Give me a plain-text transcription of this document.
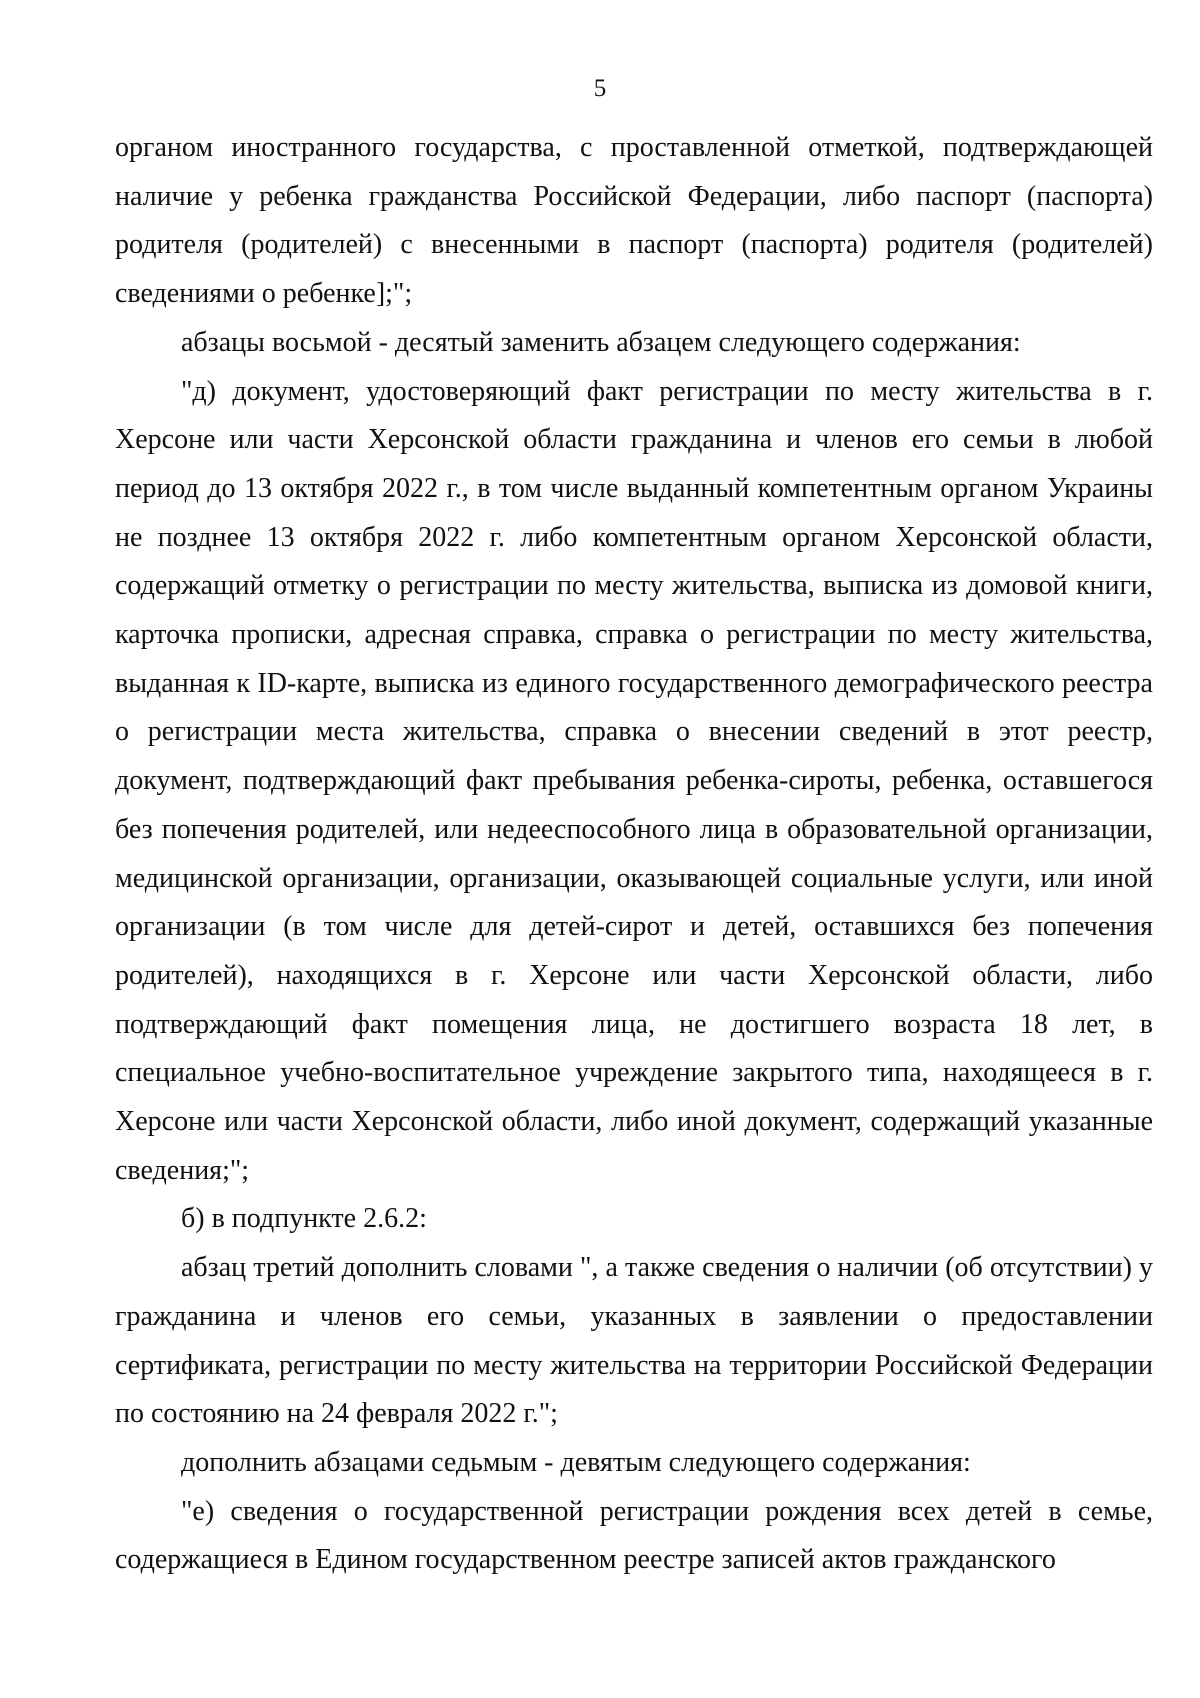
5

органом иностранного государства, с проставленной отметкой, подтверждающей наличие у ребенка гражданства Российской Федерации, либо паспорт (паспорта) родителя (родителей) с внесенными в паспорт (паспорта) родителя (родителей) сведениями о ребенке];";

абзацы восьмой - десятый заменить абзацем следующего содержания:

"д) документ, удостоверяющий факт регистрации по месту жительства в г. Херсоне или части Херсонской области гражданина и членов его семьи в любой период до 13 октября 2022 г., в том числе выданный компетентным органом Украины не позднее 13 октября 2022 г. либо компетентным органом Херсонской области, содержащий отметку о регистрации по месту жительства, выписка из домовой книги, карточка прописки, адресная справка, справка о регистрации по месту жительства, выданная к ID-карте, выписка из единого государственного демографического реестра о регистрации места жительства, справка о внесении сведений в этот реестр, документ, подтверждающий факт пребывания ребенка-сироты, ребенка, оставшегося без попечения родителей, или недееспособного лица в образовательной организации, медицинской организации, организации, оказывающей социальные услуги, или иной организации (в том числе для детей-сирот и детей, оставшихся без попечения родителей), находящихся в г. Херсоне или части Херсонской области, либо подтверждающий факт помещения лица, не достигшего возраста 18 лет, в специальное учебно-воспитательное учреждение закрытого типа, находящееся в г. Херсоне или части Херсонской области, либо иной документ, содержащий указанные сведения;";

б) в подпункте 2.6.2:

абзац третий дополнить словами ", а также сведения о наличии (об отсутствии) у гражданина и членов его семьи, указанных в заявлении о предоставлении сертификата, регистрации по месту жительства на территории Российской Федерации по состоянию на 24 февраля 2022 г.";

дополнить абзацами седьмым - девятым следующего содержания:

"е) сведения о государственной регистрации рождения всех детей в семье, содержащиеся в Едином государственном реестре записей актов гражданского
